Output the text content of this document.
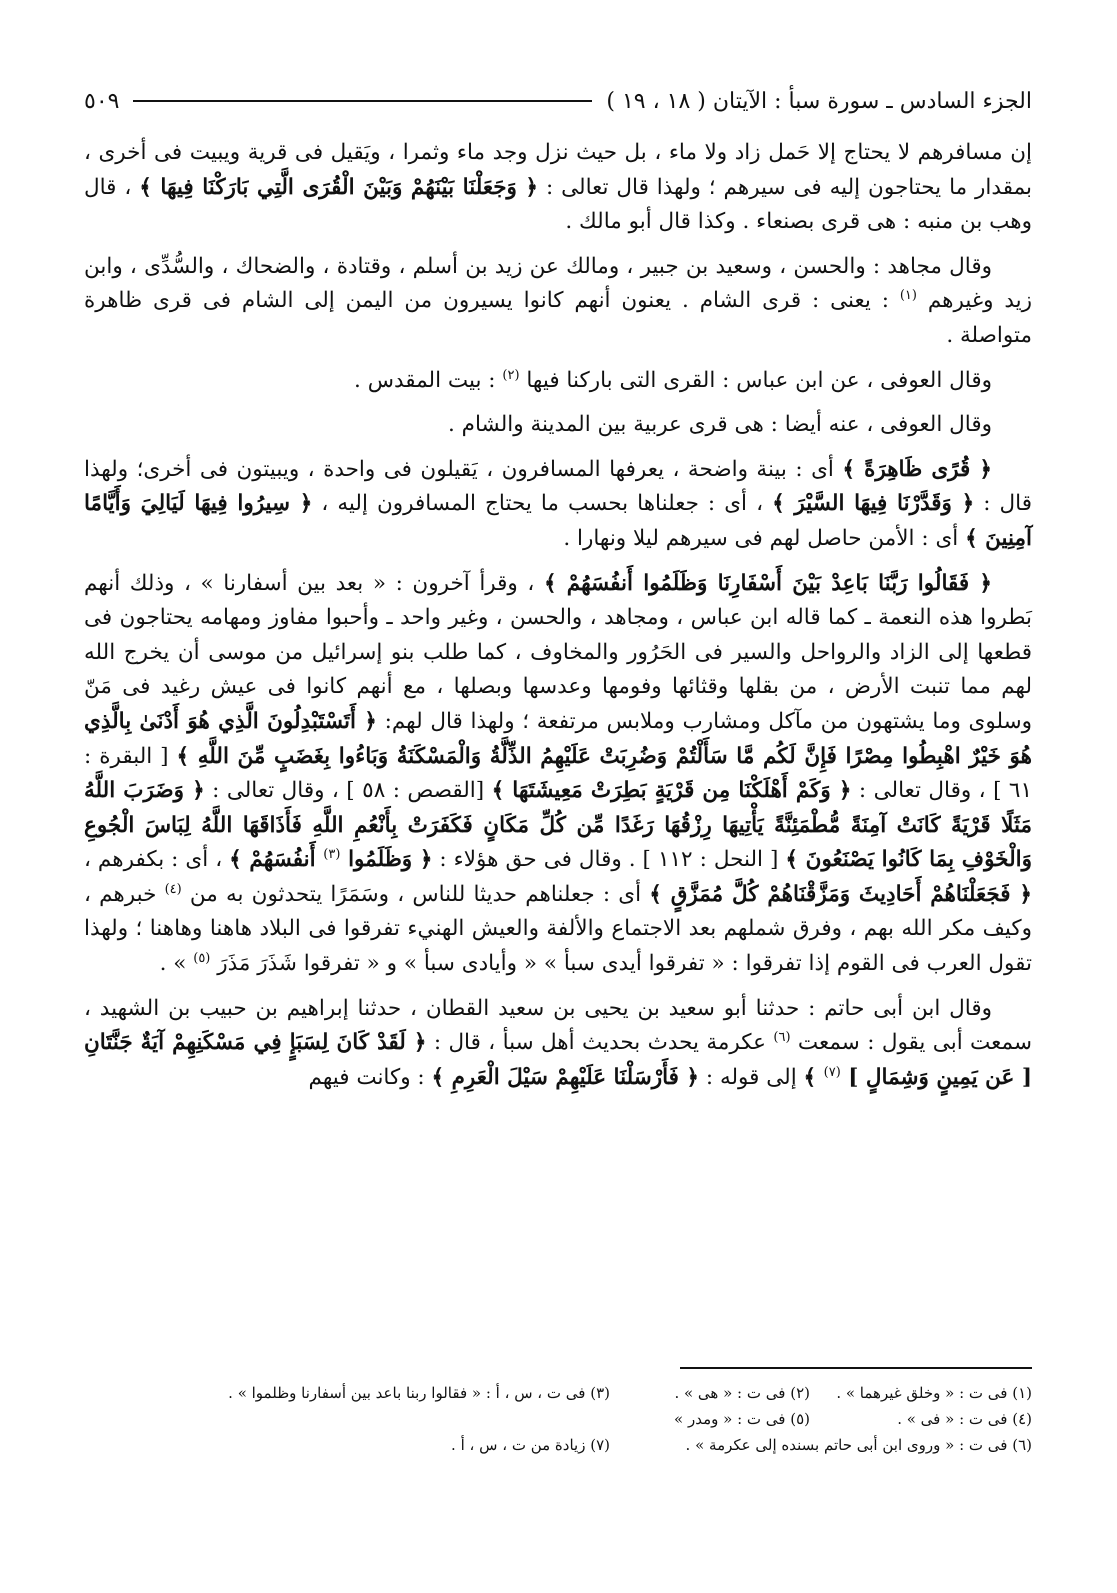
الجزء السادس ـ سورة سبأ : الآيتان ( ١٨ ، ١٩ )
٥٠٩

إن مسافرهم لا يحتاج إلا حَمل زاد ولا ماء ، بل حيث نزل وجد ماء وثمرا ، ويَقيل فى قرية ويبيت فى أخرى ، بمقدار ما يحتاجون إليه فى سيرهم ؛ ولهذا قال تعالى : ﴿ وَجَعَلْنَا بَيْنَهُمْ وَبَيْنَ الْقُرَى الَّتِي بَارَكْنَا فِيهَا ﴾ ، قال وهب بن منبه : هى قرى بصنعاء . وكذا قال أبو مالك .

وقال مجاهد : والحسن ، وسعيد بن جبير ، ومالك عن زيد بن أسلم ، وقتادة ، والضحاك ، والسُّدِّى ، وابن زيد وغيرهم $^{(١)}$ : يعنى : قرى الشام . يعنون أنهم كانوا يسيرون من اليمن إلى الشام فى قرى ظاهرة متواصلة .

وقال العوفى ، عن ابن عباس : القرى التى باركنا فيها $^{(٢)}$ : بيت المقدس .

وقال العوفى ، عنه أيضا : هى قرى عربية بين المدينة والشام .

﴿ قُرًى ظَاهِرَةً ﴾ أى : بينة واضحة ، يعرفها المسافرون ، يَقيلون فى واحدة ، ويبيتون فى أخرى؛ ولهذا قال : ﴿ وَقَدَّرْنَا فِيهَا السَّيْرَ ﴾ ، أى : جعلناها بحسب ما يحتاج المسافرون إليه ، ﴿ سِيرُوا فِيهَا لَيَالِيَ وَأَيَّامًا آمِنِينَ ﴾ أى : الأمن حاصل لهم فى سيرهم ليلا ونهارا .

﴿ فَقَالُوا رَبَّنَا بَاعِدْ بَيْنَ أَسْفَارِنَا وَظَلَمُوا أَنفُسَهُمْ ﴾ ، وقرأ آخرون : « بعد بين أسفارنا » ، وذلك أنهم بَطروا هذه النعمة ـ كما قاله ابن عباس ، ومجاهد ، والحسن ، وغير واحد ـ وأحبوا مفاوز ومهامه يحتاجون فى قطعها إلى الزاد والرواحل والسير فى الحَرُور والمخاوف ، كما طلب بنو إسرائيل من موسى أن يخرج الله لهم مما تنبت الأرض ، من بقلها وقثائها وفومها وعدسها وبصلها ، مع أنهم كانوا فى عيش رغيد فى مَنّ وسلوى وما يشتهون من مآكل ومشارب وملابس مرتفعة ؛ ولهذا قال لهم: ﴿ أَتَسْتَبْدِلُونَ الَّذِي هُوَ أَدْنَىٰ بِالَّذِي هُوَ خَيْرٌ اهْبِطُوا مِصْرًا فَإِنَّ لَكُم مَّا سَأَلْتُمْ وَضُرِبَتْ عَلَيْهِمُ الذِّلَّةُ وَالْمَسْكَنَةُ وَبَاءُوا بِغَضَبٍ مِّنَ اللَّهِ ﴾ [ البقرة : ٦١ ] ، وقال تعالى : ﴿ وَكَمْ أَهْلَكْنَا مِن قَرْيَةٍ بَطِرَتْ مَعِيشَتَهَا ﴾ [القصص : ٥٨ ] ، وقال تعالى : ﴿ وَضَرَبَ اللَّهُ مَثَلًا قَرْيَةً كَانَتْ آمِنَةً مُّطْمَئِنَّةً يَأْتِيهَا رِزْقُهَا رَغَدًا مِّن كُلِّ مَكَانٍ فَكَفَرَتْ بِأَنْعُمِ اللَّهِ فَأَذَاقَهَا اللَّهُ لِبَاسَ الْجُوعِ وَالْخَوْفِ بِمَا كَانُوا يَصْنَعُونَ ﴾ [ النحل : ١١٢ ] . وقال فى حق هؤلاء : ﴿ وَظَلَمُوا $^{(٣)}$ أَنفُسَهُمْ ﴾ ، أى : بكفرهم ، ﴿ فَجَعَلْنَاهُمْ أَحَادِيثَ وَمَزَّقْنَاهُمْ كُلَّ مُمَزَّقٍ ﴾ أى : جعلناهم حديثا للناس ، وسَمَرًا يتحدثون به من $^{(٤)}$ خبرهم ، وكيف مكر الله بهم ، وفرق شملهم بعد الاجتماع والألفة والعيش الهنيء تفرقوا فى البلاد هاهنا وهاهنا ؛ ولهذا تقول العرب فى القوم إذا تفرقوا : « تفرقوا أيدى سبأ » « وأيادى سبأ » و « تفرقوا شَذَرَ مَذَرَ $^{(٥)}$ » .

وقال ابن أبى حاتم : حدثنا أبو سعيد بن يحيى بن سعيد القطان ، حدثنا إبراهيم بن حبيب بن الشهيد ، سمعت أبى يقول : سمعت $^{(٦)}$ عكرمة يحدث بحديث أهل سبأ ، قال : ﴿ لَقَدْ كَانَ لِسَبَإٍ فِي مَسْكَنِهِمْ آيَةٌ جَنَّتَانِ [ عَن يَمِينٍ وَشِمَالٍ ] $^{(٧)}$ ﴾ إلى قوله : ﴿ فَأَرْسَلْنَا عَلَيْهِمْ سَيْلَ الْعَرِمِ ﴾ : وكانت فيهم

(١) فى ت : « وخلق غيرهما » .
(٢) فى ت : « هى » .
(٣) فى ت ، س ، أ : « فقالوا ربنا باعد بين أسفارنا وظلموا » .
(٤) فى ت : « فى » .
(٥) فى ت : « ومدر »
(٦) فى ت : « وروى ابن أبى حاتم بسنده إلى عكرمة » .
(٧) زيادة من ت ، س ، أ .
